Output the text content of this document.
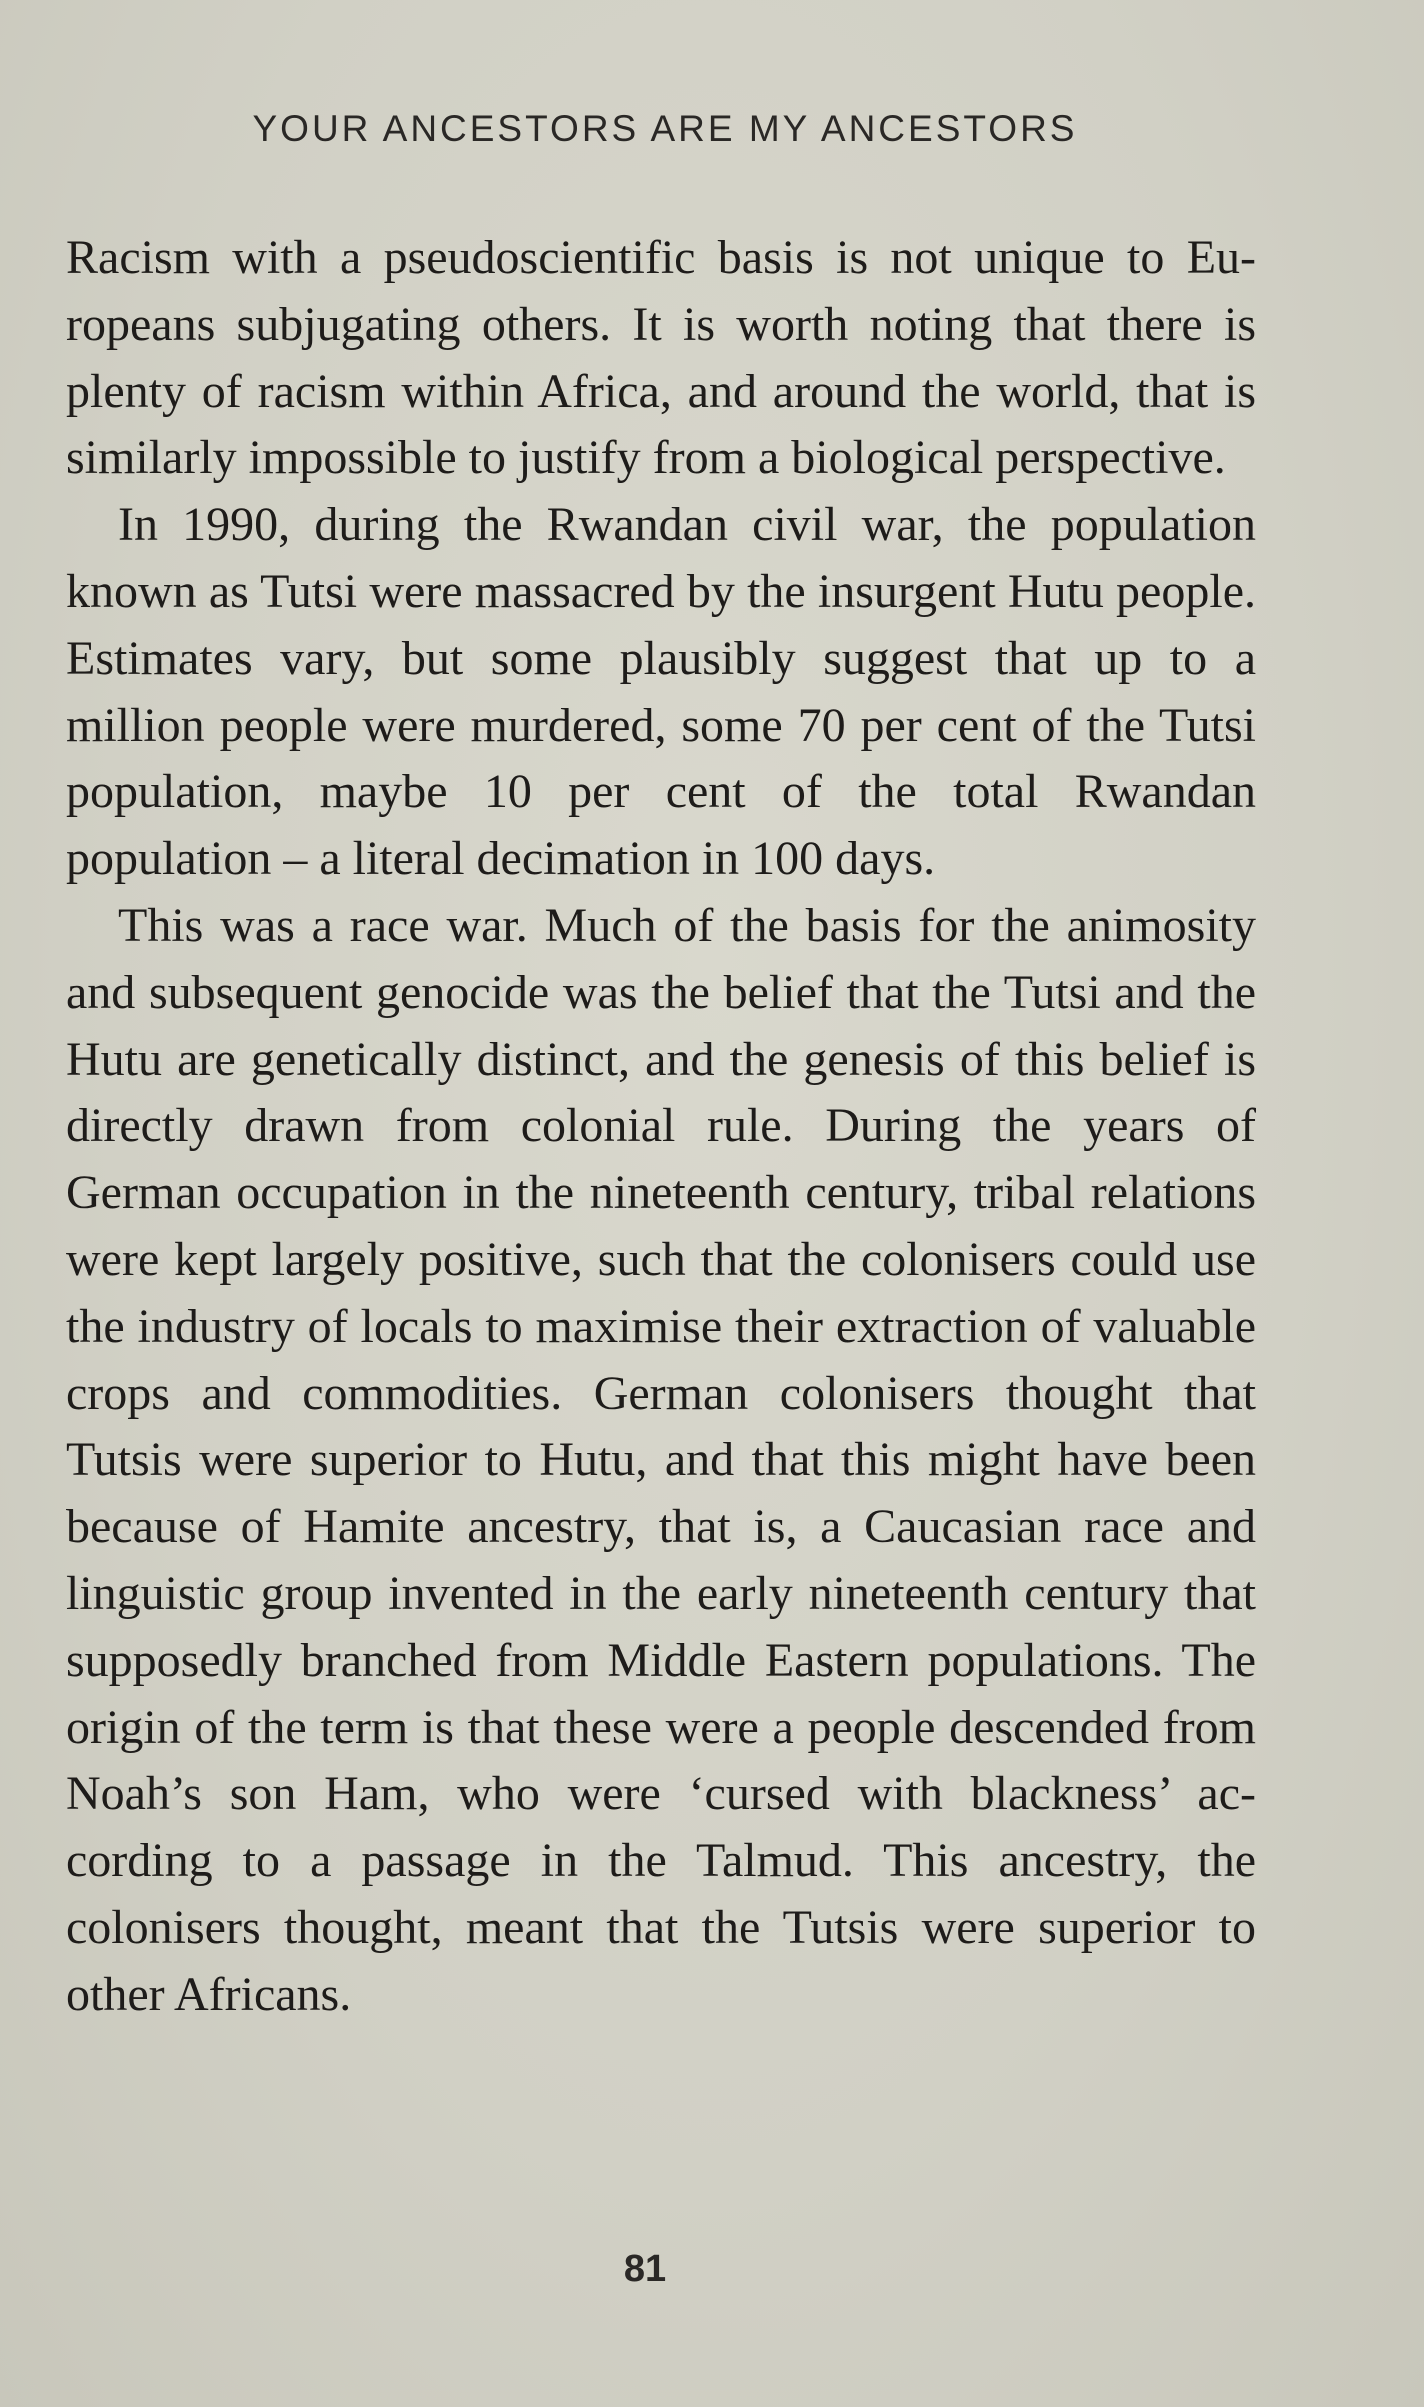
YOUR ANCESTORS ARE MY ANCESTORS

Racism with a pseudoscientific basis is not unique to Europeans subjugating others. It is worth noting that there is plenty of racism within Africa, and around the world, that is similarly impossible to justify from a biological perspective.

In 1990, during the Rwandan civil war, the population known as Tutsi were massacred by the insurgent Hutu people. Estimates vary, but some plausibly suggest that up to a million people were murdered, some 70 per cent of the Tutsi population, maybe 10 per cent of the total Rwandan population – a literal decimation in 100 days.

This was a race war. Much of the basis for the animosity and subsequent genocide was the belief that the Tutsi and the Hutu are genetically distinct, and the genesis of this belief is directly drawn from colonial rule. During the years of German occupation in the nineteenth century, tribal relations were kept largely positive, such that the colonisers could use the industry of locals to maximise their extraction of valuable crops and commodities. German colonisers thought that Tutsis were superior to Hutu, and that this might have been because of Hamite ancestry, that is, a Caucasian race and linguistic group invented in the early nineteenth century that supposedly branched from Middle Eastern populations. The origin of the term is that these were a people descended from Noah’s son Ham, who were ‘cursed with blackness’ according to a passage in the Talmud. This ancestry, the colonisers thought, meant that the Tutsis were superior to other Africans.

81
